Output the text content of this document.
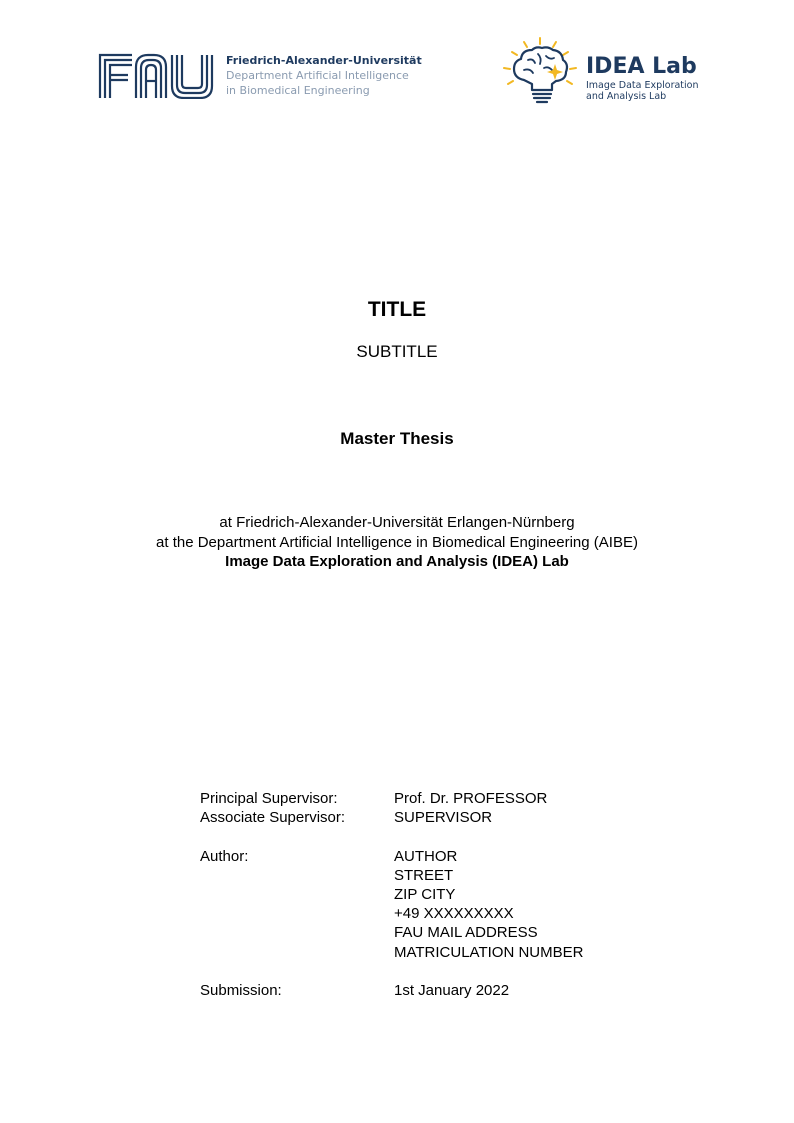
Friedrich-Alexander-Universität
Department Artificial Intelligence
in Biomedical Engineering
IDEA Lab
Image Data Exploration
and Analysis Lab
TITLE
SUBTITLE
Master Thesis
at Friedrich-Alexander-Universität Erlangen-Nürnberg
at the Department Artificial Intelligence in Biomedical Engineering (AIBE)
Image Data Exploration and Analysis (IDEA) Lab
Principal Supervisor:	Prof. Dr. PROFESSOR
Associate Supervisor:	SUPERVISOR
Author:	AUTHOR
STREET
ZIP CITY
+49 XXXXXXXXX
FAU MAIL ADDRESS
MATRICULATION NUMBER
Submission:	1st January 2022
